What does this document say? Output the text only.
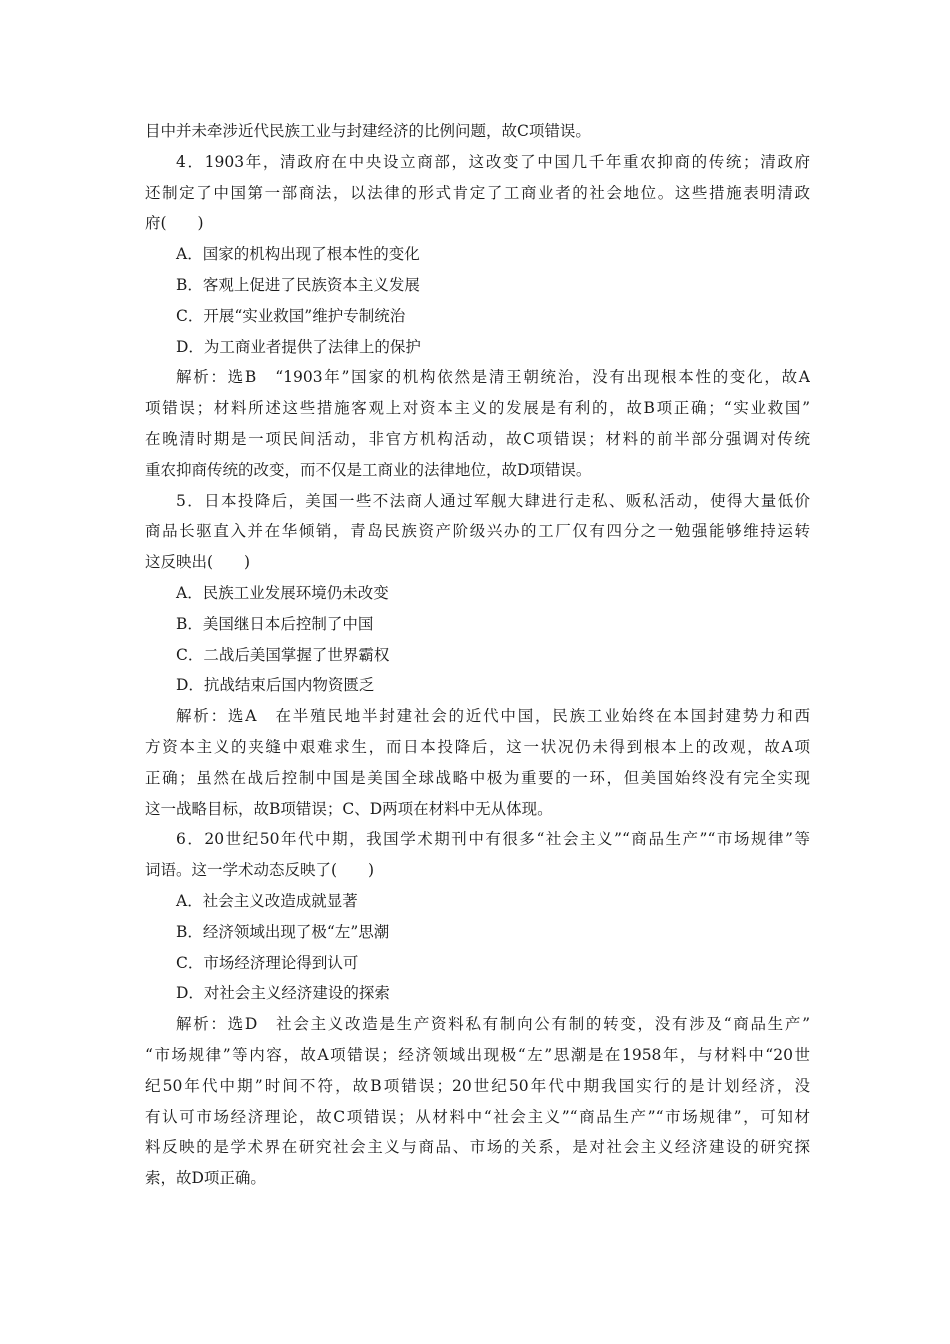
目中并未牵涉近代民族工业与封建经济的比例问题，故C项错误。
4．1903年，清政府在中央设立商部，这改变了中国几千年重农抑商的传统；清政府
还制定了中国第一部商法，以法律的形式肯定了工商业者的社会地位。这些措施表明清政
府(　　)
A．国家的机构出现了根本性的变化
B．客观上促进了民族资本主义发展
C．开展“实业救国”维护专制统治
D．为工商业者提供了法律上的保护
解析：选B　“1903年”国家的机构依然是清王朝统治，没有出现根本性的变化，故A
项错误；材料所述这些措施客观上对资本主义的发展是有利的，故B项正确；“实业救国”
在晚清时期是一项民间活动，非官方机构活动，故C项错误；材料的前半部分强调对传统
重农抑商传统的改变，而不仅是工商业的法律地位，故D项错误。
5．日本投降后，美国一些不法商人通过军舰大肆进行走私、贩私活动，使得大量低价
商品长驱直入并在华倾销，青岛民族资产阶级兴办的工厂仅有四分之一勉强能够维持运转
这反映出(　　)
A．民族工业发展环境仍未改变
B．美国继日本后控制了中国
C．二战后美国掌握了世界霸权
D．抗战结束后国内物资匮乏
解析：选A　在半殖民地半封建社会的近代中国，民族工业始终在本国封建势力和西
方资本主义的夹缝中艰难求生，而日本投降后，这一状况仍未得到根本上的改观，故A项
正确；虽然在战后控制中国是美国全球战略中极为重要的一环，但美国始终没有完全实现
这一战略目标，故B项错误；C、D两项在材料中无从体现。
6．20世纪50年代中期，我国学术期刊中有很多“社会主义”“商品生产”“市场规律”等
词语。这一学术动态反映了(　　)
A．社会主义改造成就显著
B．经济领域出现了极“左”思潮
C．市场经济理论得到认可
D．对社会主义经济建设的探索
解析：选D　社会主义改造是生产资料私有制向公有制的转变，没有涉及“商品生产”
“市场规律”等内容，故A项错误；经济领域出现极“左”思潮是在1958年，与材料中“20世
纪50年代中期”时间不符，故B项错误；20世纪50年代中期我国实行的是计划经济，没
有认可市场经济理论，故C项错误；从材料中“社会主义”“商品生产”“市场规律”，可知材
料反映的是学术界在研究社会主义与商品、市场的关系，是对社会主义经济建设的研究探
索，故D项正确。
